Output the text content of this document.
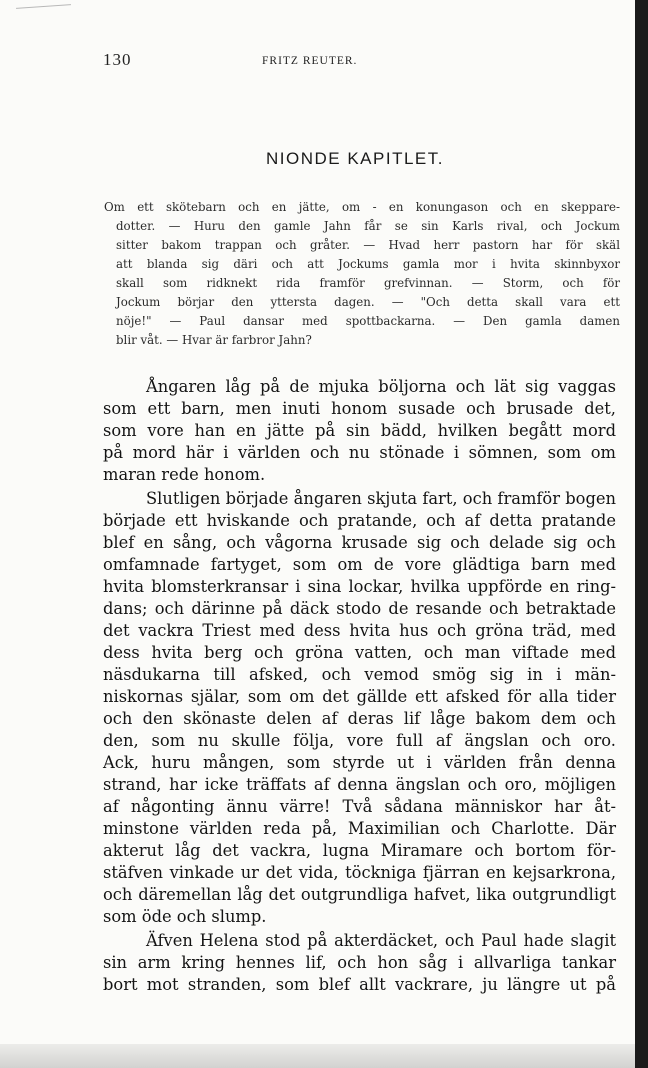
130	FRITZ REUTER.
NIONDE KAPITLET.
Om ett skötebarn och en jätte, om - en konungason och en skeppare-
dotter. — Huru den gamle Jahn får se sin Karls rival, och Jockum
sitter bakom trappan och gråter. — Hvad herr pastorn har för skäl
att blanda sig däri och att Jockums gamla mor i hvita skinnbyxor
skall som ridknekt rida framför grefvinnan. — Storm, och för
Jockum börjar den yttersta dagen. — "Och detta skall vara ett
nöje!" — Paul dansar med spottbackarna. — Den gamla damen
blir våt. — Hvar är farbror Jahn?
Ångaren låg på de mjuka böljorna och lät sig vaggas
som ett barn, men inuti honom susade och brusade det,
som vore han en jätte på sin bädd, hvilken begått mord
på mord här i världen och nu stönade i sömnen, som om
maran rede honom.
Slutligen började ångaren skjuta fart, och framför bogen
började ett hviskande och pratande, och af detta pratande
blef en sång, och vågorna krusade sig och delade sig och
omfamnade fartyget, som om de vore glädtiga barn med
hvita blomsterkransar i sina lockar, hvilka uppförde en ring-
dans; och därinne på däck stodo de resande och betraktade
det vackra Triest med dess hvita hus och gröna träd, med
dess hvita berg och gröna vatten, och man viftade med
näsdukarna till afsked, och vemod smög sig in i män-
niskornas själar, som om det gällde ett afsked för alla tider
och den skönaste delen af deras lif låge bakom dem och
den, som nu skulle följa, vore full af ängslan och oro.
Ack, huru mången, som styrde ut i världen från denna
strand, har icke träffats af denna ängslan och oro, möjligen
af någonting ännu värre! Två sådana människor har åt-
minstone världen reda på, Maximilian och Charlotte. Där
akterut låg det vackra, lugna Miramare och bortom för-
stäfven vinkade ur det vida, töckniga fjärran en kejsarkrona,
och däremellan låg det outgrundliga hafvet, lika outgrundligt
som öde och slump.
Äfven Helena stod på akterdäcket, och Paul hade slagit
sin arm kring hennes lif, och hon såg i allvarliga tankar
bort mot stranden, som blef allt vackrare, ju längre ut på
